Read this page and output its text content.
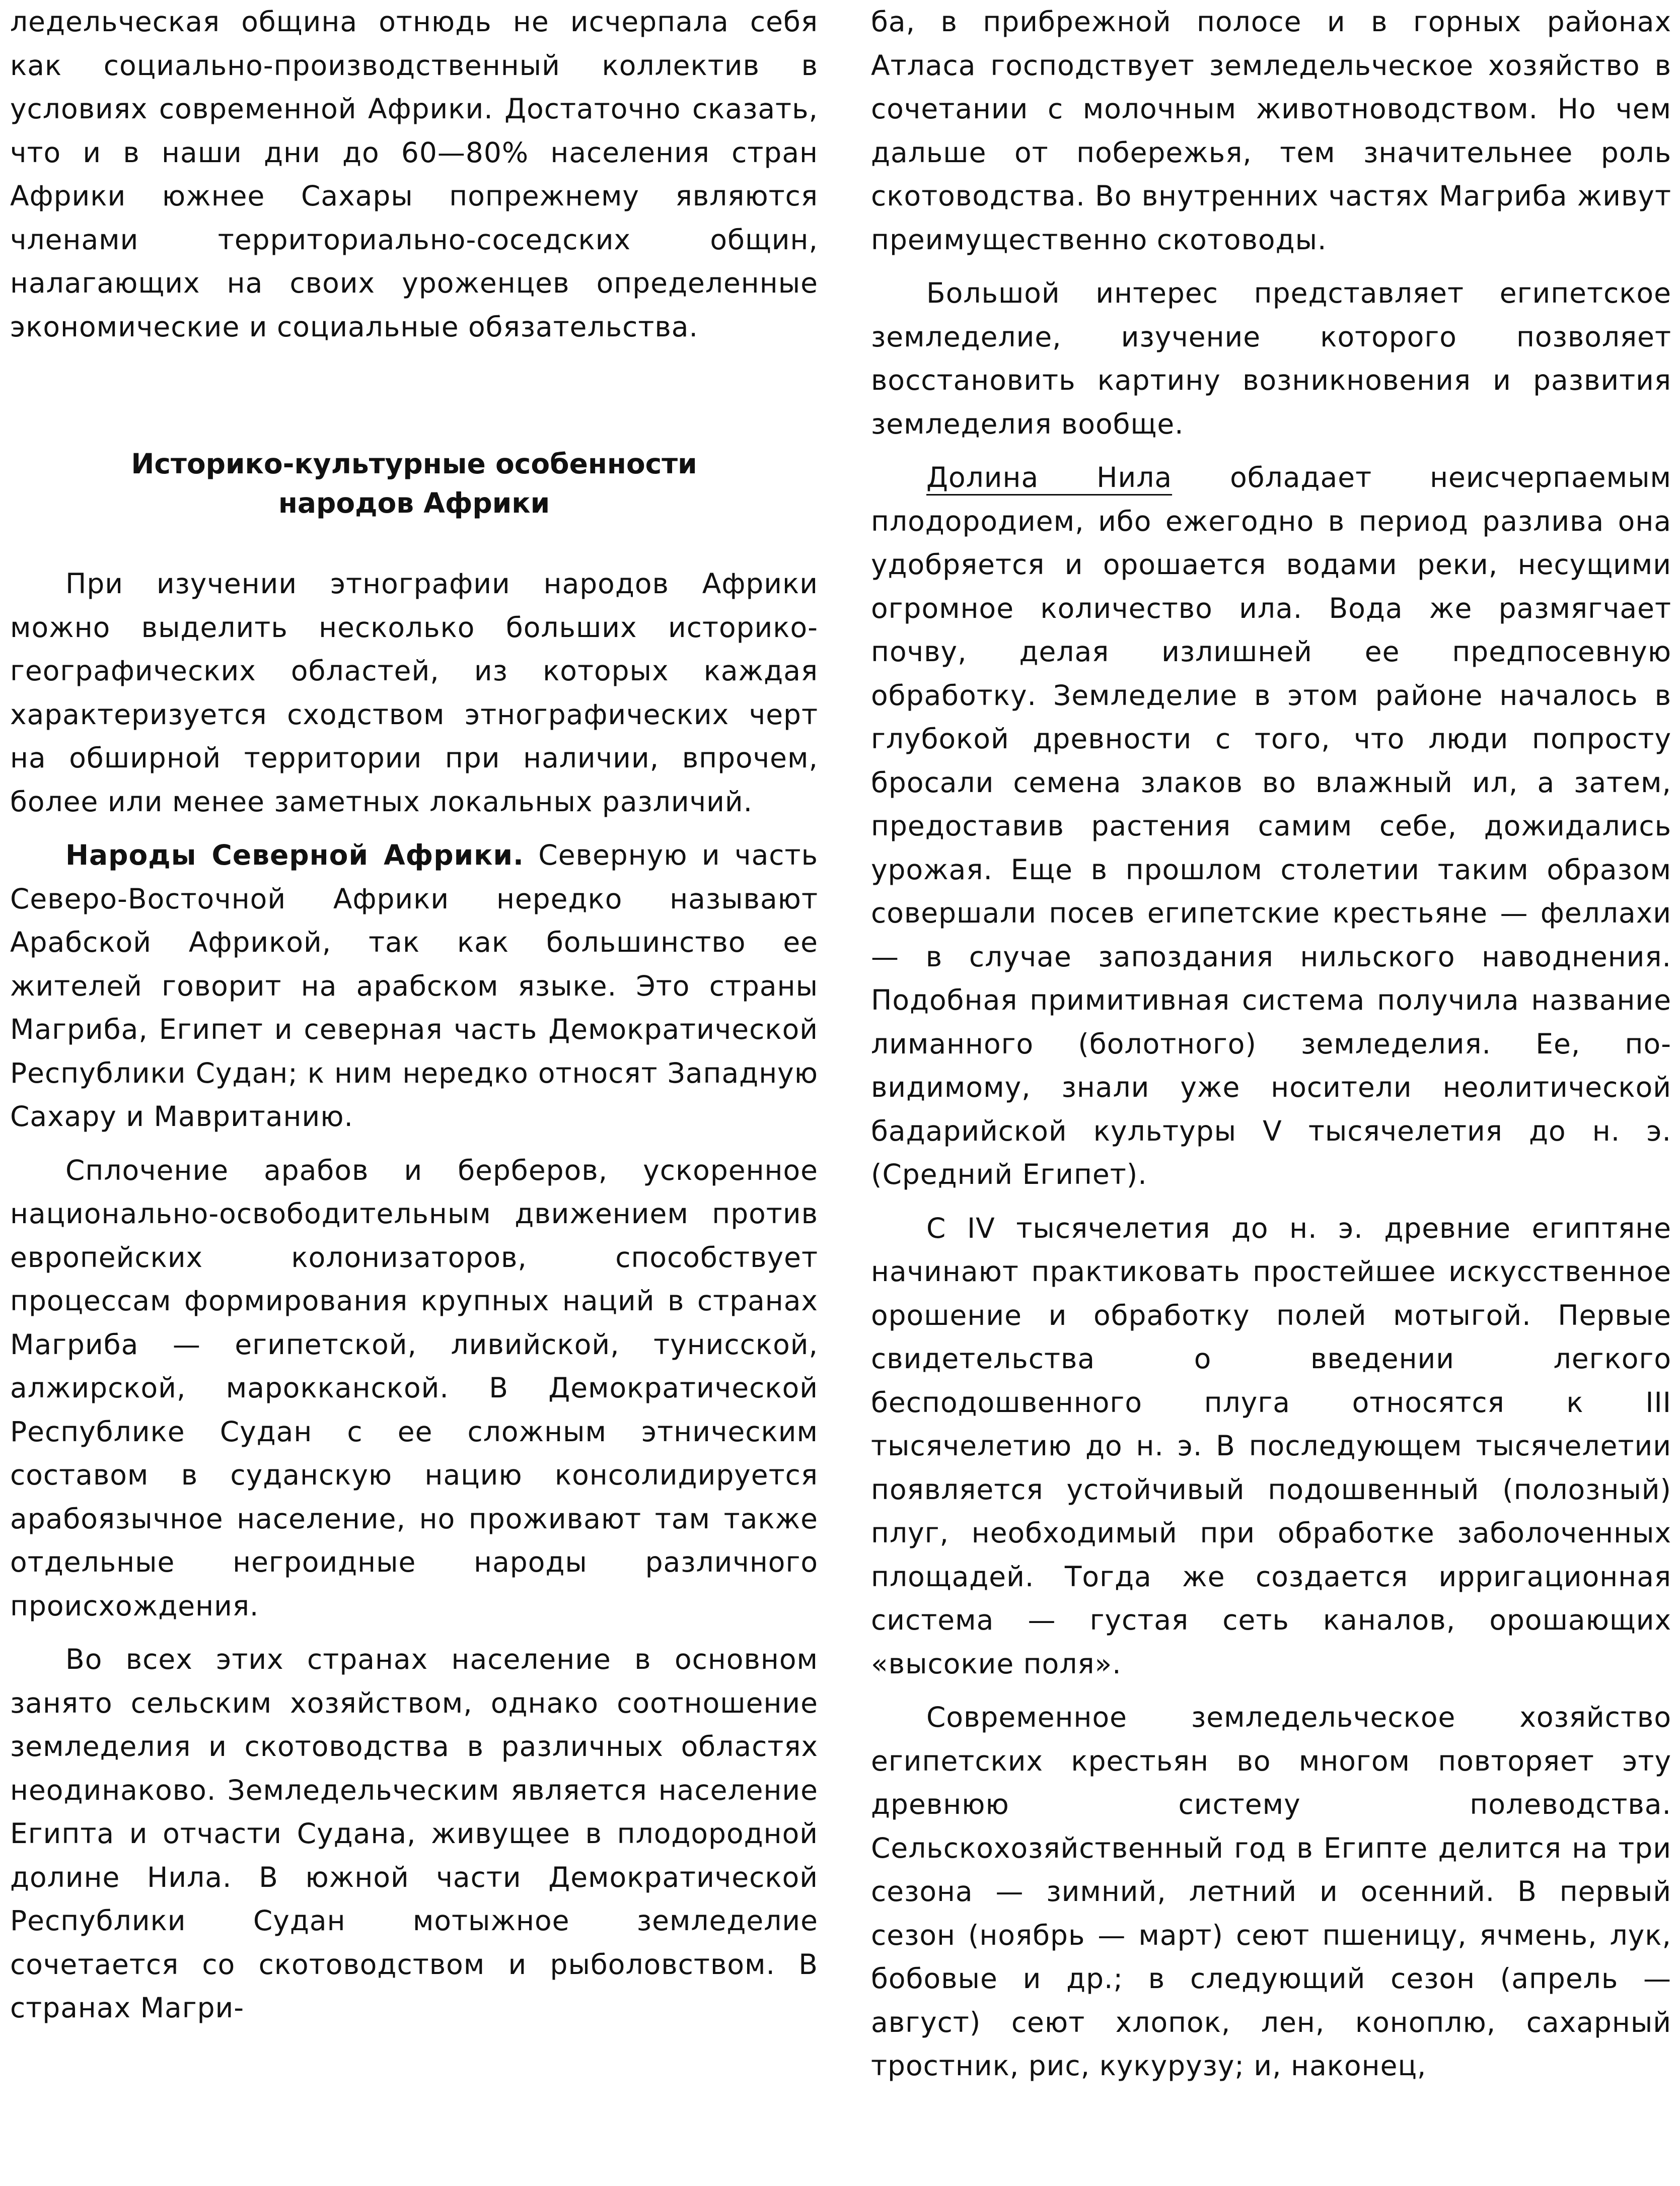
ледельческая община отнюдь не исчерпала себя как социально-производственный коллектив в условиях современной Африки. Достаточно сказать, что и в наши дни до 60—80% населения стран Африки южнее Сахары попрежнему являются членами территориально-соседских общин, налагающих на своих уроженцев определенные экономические и социальные обязательства.

Историко-культурные особенности
народов Африки

При изучении этнографии народов Африки можно выделить несколько больших историко-географических областей, из которых каждая характеризуется сходством этнографических черт на обширной территории при наличии, впрочем, более или менее заметных локальных различий.

Народы Северной Африки. Северную и часть Северо-Восточной Африки нередко называют Арабской Африкой, так как большинство ее жителей говорит на арабском языке. Это страны Магриба, Египет и северная часть Демократической Республики Судан; к ним нередко относят Западную Сахару и Мавританию.

Сплочение арабов и берберов, ускоренное национально-освободительным движением против европейских колонизаторов, способствует процессам формирования крупных наций в странах Магриба — египетской, ливийской, тунисской, алжирской, марокканской. В Демократической Республике Судан с ее сложным этническим составом в суданскую нацию консолидируется арабоязычное население, но проживают там также отдельные негроидные народы различного происхождения.

Во всех этих странах население в основном занято сельским хозяйством, однако соотношение земледелия и скотоводства в различных областях неодинаково. Земледельческим является население Египта и отчасти Судана, живущее в плодородной долине Нила. В южной части Демократической Республики Судан мотыжное земледелие сочетается со скотоводством и рыболовством. В странах Магри-

ба, в прибрежной полосе и в горных районах Атласа господствует земледельческое хозяйство в сочетании с молочным животноводством. Но чем дальше от побережья, тем значительнее роль скотоводства. Во внутренних частях Магриба живут преимущественно скотоводы.

Большой интерес представляет египетское земледелие, изучение которого позволяет восстановить картину возникновения и развития земледелия вообще.

Долина Нила обладает неисчерпаемым плодородием, ибо ежегодно в период разлива она удобряется и орошается водами реки, несущими огромное количество ила. Вода же размягчает почву, делая излишней ее предпосевную обработку. Земледелие в этом районе началось в глубокой древности с того, что люди попросту бросали семена злаков во влажный ил, а затем, предоставив растения самим себе, дожидались урожая. Еще в прошлом столетии таким образом совершали посев египетские крестьяне — феллахи — в случае запоздания нильского наводнения. Подобная примитивная система получила название лиманного (болотного) земледелия. Ее, по-видимому, знали уже носители неолитической бадарийской культуры V тысячелетия до н. э. (Средний Египет).

С IV тысячелетия до н. э. древние египтяне начинают практиковать простейшее искусственное орошение и обработку полей мотыгой. Первые свидетельства о введении легкого бесподошвенного плуга относятся к III тысячелетию до н. э. В последующем тысячелетии появляется устойчивый подошвенный (полозный) плуг, необходимый при обработке заболоченных площадей. Тогда же создается ирригационная система — густая сеть каналов, орошающих «высокие поля».

Современное земледельческое хозяйство египетских крестьян во многом повторяет эту древнюю систему полеводства. Сельскохозяйственный год в Египте делится на три сезона — зимний, летний и осенний. В первый сезон (ноябрь — март) сеют пшеницу, ячмень, лук, бобовые и др.; в следующий сезон (апрель — август) сеют хлопок, лен, коноплю, сахарный тростник, рис, кукурузу; и, наконец,
